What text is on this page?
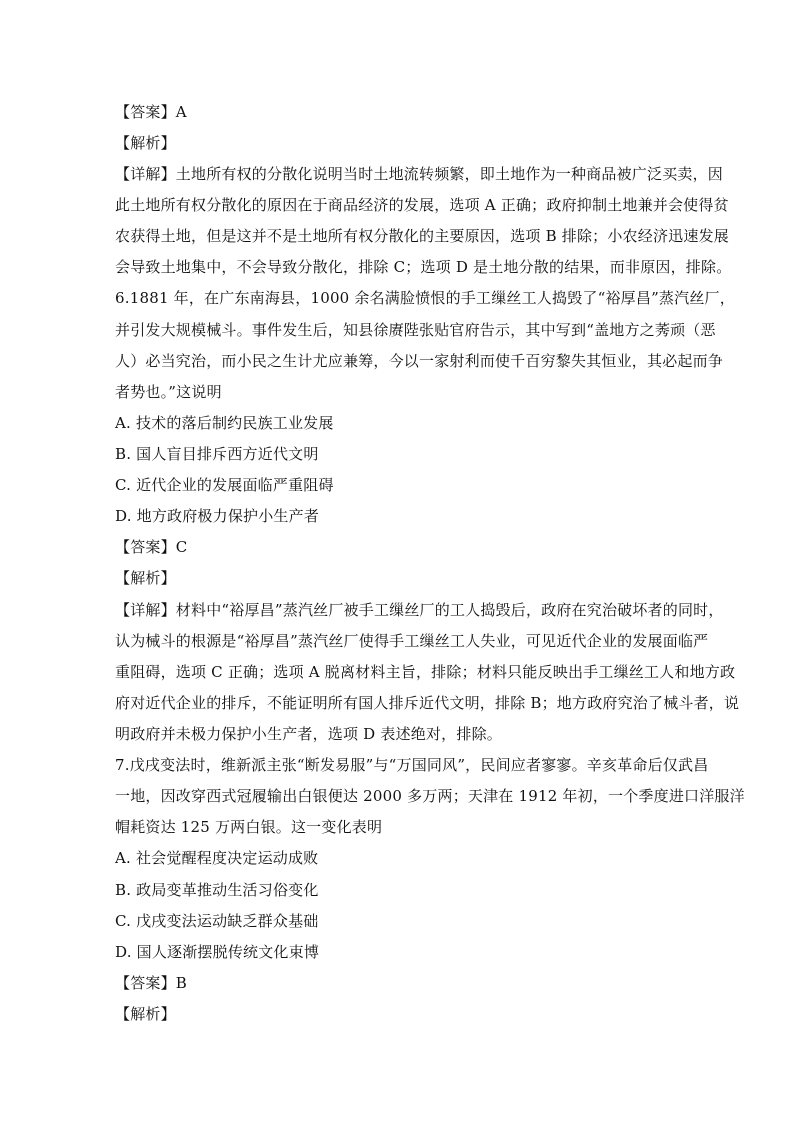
【答案】A
【解析】
【详解】土地所有权的分散化说明当时土地流转频繁，即土地作为一种商品被广泛买卖，因
此土地所有权分散化的原因在于商品经济的发展，选项 A 正确；政府抑制土地兼并会使得贫
农获得土地，但是这并不是土地所有权分散化的主要原因，选项 B 排除；小农经济迅速发展
会导致土地集中，不会导致分散化，排除 C；选项 D 是土地分散的结果，而非原因，排除。
6.1881 年，在广东南海县，1000 余名满脸愤恨的手工缫丝工人捣毁了“裕厚昌”蒸汽丝厂，
并引发大规模械斗。事件发生后，知县徐赓陛张贴官府告示，其中写到“盖地方之莠顽（恶
人）必当究治，而小民之生计尤应兼筹，今以一家射利而使千百穷黎失其恒业，其必起而争
者势也。”这说明
A. 技术的落后制约民族工业发展
B. 国人盲目排斥西方近代文明
C. 近代企业的发展面临严重阻碍
D. 地方政府极力保护小生产者
【答案】C
【解析】
【详解】材料中“裕厚昌”蒸汽丝厂被手工缫丝厂的工人捣毁后，政府在究治破坏者的同时，
认为械斗的根源是“裕厚昌”蒸汽丝厂使得手工缫丝工人失业，可见近代企业的发展面临严
重阻碍，选项 C 正确；选项 A 脱离材料主旨，排除；材料只能反映出手工缫丝工人和地方政
府对近代企业的排斥，不能证明所有国人排斥近代文明，排除 B；地方政府究治了械斗者，说
明政府并未极力保护小生产者，选项 D 表述绝对，排除。
7.戊戌变法时，维新派主张“断发易服”与“万国同风”，民间应者寥寥。辛亥革命后仅武昌
一地，因改穿西式冠履输出白银便达 2000 多万两；天津在 1912 年初，一个季度进口洋服洋
帽耗资达 125 万两白银。这一变化表明
A. 社会觉醒程度决定运动成败
B. 政局变革推动生活习俗变化
C. 戊戌变法运动缺乏群众基础
D. 国人逐渐摆脱传统文化束博
【答案】B
【解析】
